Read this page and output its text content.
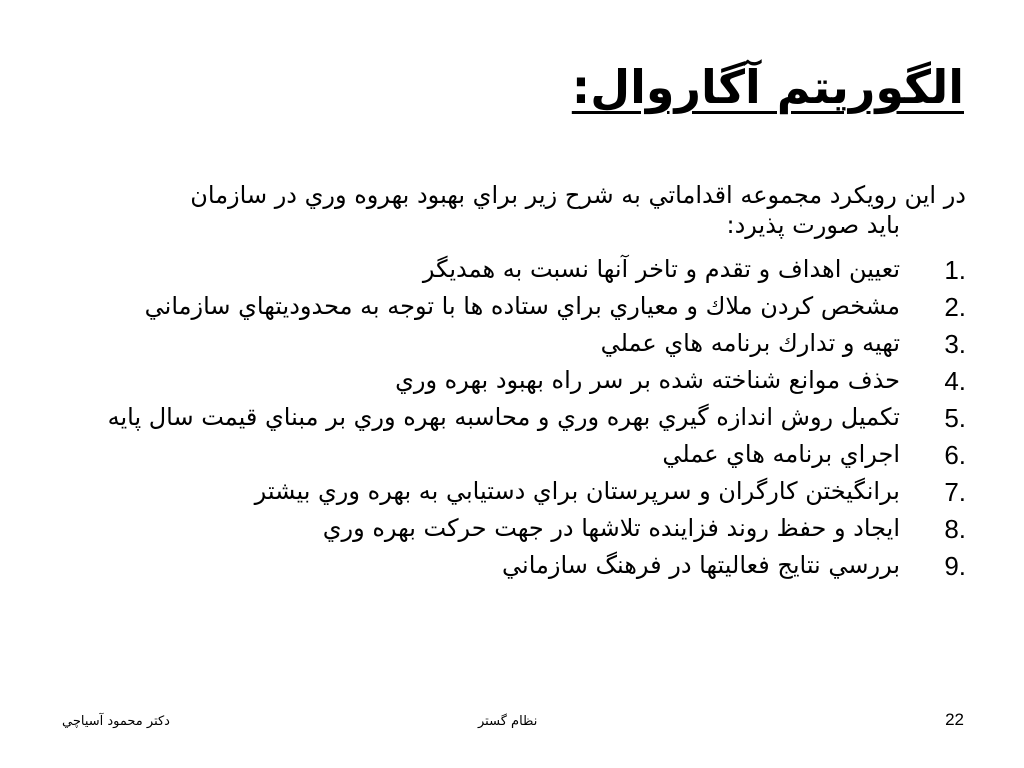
الگوريتم آگاروال:
در اين رويكرد مجموعه اقداماتي به شرح زير براي بهبود بهروه وري در سازمان
بايد صورت پذيرد:
1.
تعيين اهداف و تقدم و تاخر آنها نسبت به همديگر
2.
مشخص كردن ملاك و معياري براي ستاده ها با توجه به محدوديتهاي سازماني
3.
تهيه و تدارك برنامه هاي عملي
4.
حذف موانع شناخته شده بر سر راه بهبود بهره وري
5.
تكميل روش اندازه گيري بهره وري و محاسبه بهره وري بر مبناي قيمت سال پايه
6.
اجراي برنامه هاي عملي
7.
برانگيختن كارگران و سرپرستان براي دستيابي به بهره وري بيشتر
8.
ايجاد و حفظ روند فزاينده تلاشها در جهت حركت بهره وري
9.
بررسي نتايج فعاليتها در فرهنگ سازماني
22
نظام گستر
دكتر محمود آسياچي
